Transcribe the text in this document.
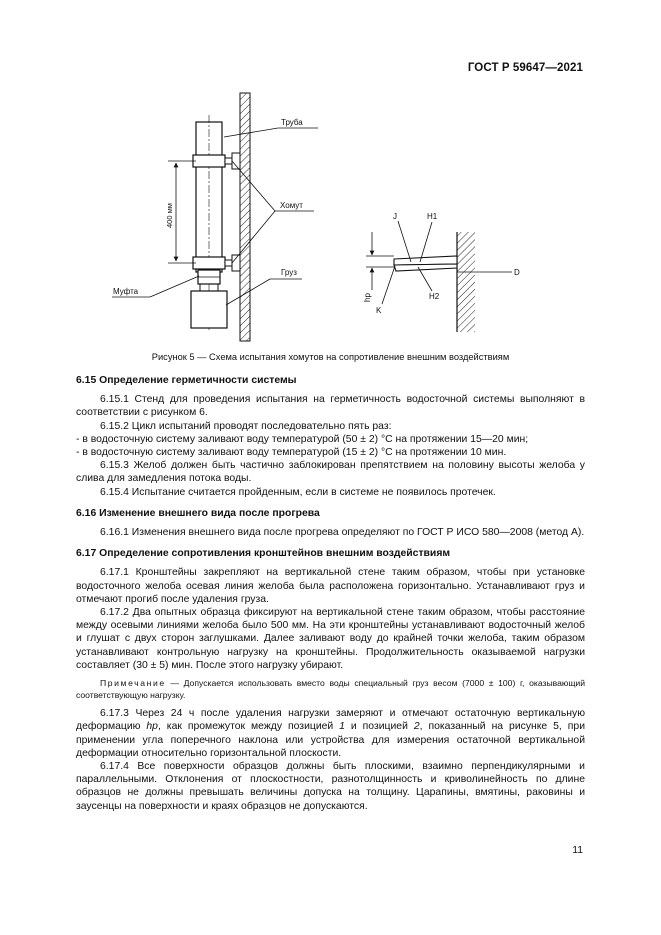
ГОСТ Р 59647—2021
400 мм
Труба
Хомут
Груз
Муфта
D
J	H1
H2
K
hp
Рисунок 5 — Схема испытания хомутов на сопротивление внешним воздействиям
6.15 Определение герметичности системы

6.15.1 Стенд для проведения испытания на герметичность водосточной системы выполняют в соответствии с рисунком 6.

6.15.2 Цикл испытаний проводят последовательно пять раз:

- в водосточную систему заливают воду температурой (50 ± 2) °C на протяжении 15—20 мин;

- в водосточную систему заливают воду температурой (15 ± 2) °C на протяжении 10 мин.

6.15.3 Желоб должен быть частично заблокирован препятствием на половину высоты желоба у слива для замедления потока воды.

6.15.4 Испытание считается пройденным, если в системе не появилось протечек.

6.16 Изменение внешнего вида после прогрева

6.16.1 Изменения внешнего вида после прогрева определяют по ГОСТ Р ИСО 580—2008 (метод А).

6.17 Определение сопротивления кронштейнов внешним воздействиям

6.17.1 Кронштейны закрепляют на вертикальной стене таким образом, чтобы при установке водосточного желоба осевая линия желоба была расположена горизонтально. Устанавливают груз и отмечают прогиб после удаления груза.

6.17.2 Два опытных образца фиксируют на вертикальной стене таким образом, чтобы расстояние между осевыми линиями желоба было 500 мм. На эти кронштейны устанавливают водосточный желоб и глушат с двух сторон заглушками. Далее заливают воду до крайней точки желоба, таким образом устанавливают контрольную нагрузку на кронштейны. Продолжительность оказываемой нагрузки составляет (30 ± 5) мин. После этого нагрузку убирают.

Примечание — Допускается использовать вместо воды специальный груз весом (7000 ± 100) г, оказывающий соответствующую нагрузку.

6.17.3 Через 24 ч после удаления нагрузки замеряют и отмечают остаточную вертикальную деформацию hp, как промежуток между позицией 1 и позицией 2, показанный на рисунке 5, при применении угла поперечного наклона или устройства для измерения остаточной вертикальной деформации относительно горизонтальной плоскости.

6.17.4 Все поверхности образцов должны быть плоскими, взаимно перпендикулярными и параллельными. Отклонения от плоскостности, разнотолщинность и криволинейность по длине образцов не должны превышать величины допуска на толщину. Царапины, вмятины, раковины и заусенцы на поверхности и краях образцов не допускаются.

11
